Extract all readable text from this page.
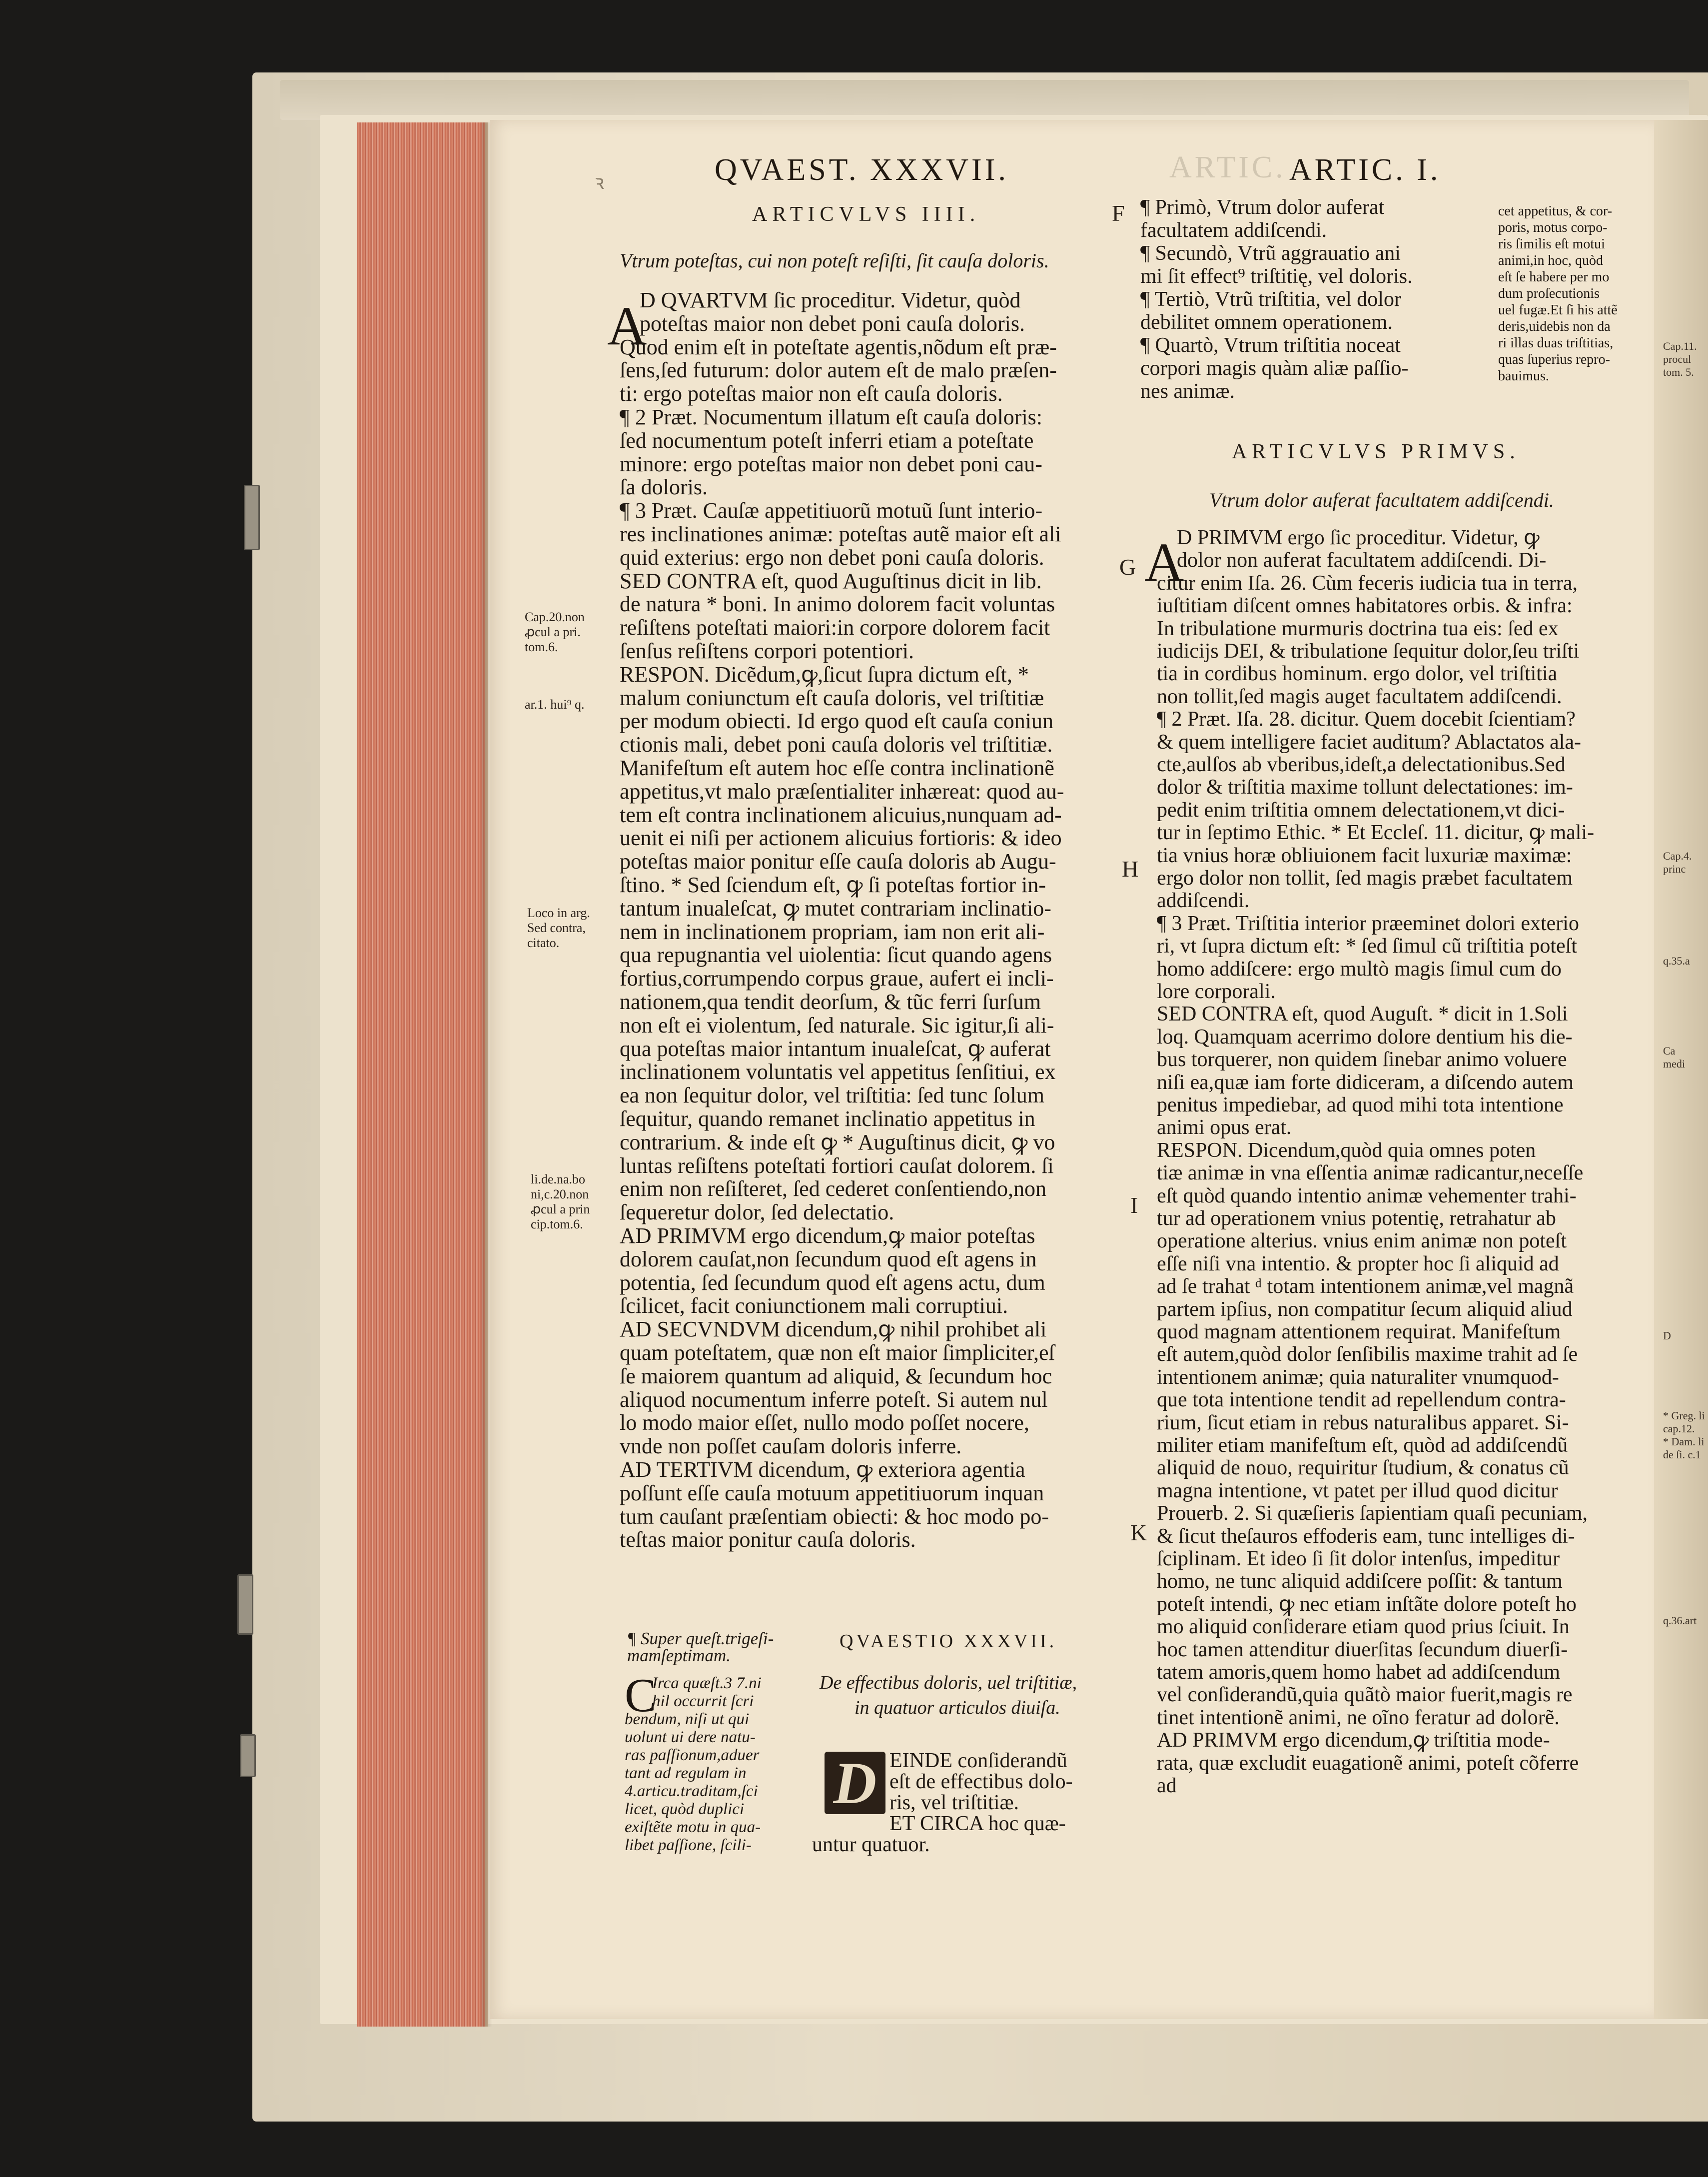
QVAEST. XXXVII.	ARTIC. I.
ARTIC.
ꝛ
ARTICVLVS IIII.
Vtrum poteſtas, cui non poteſt reſiſti, ſit cauſa doloris.
A
D QVARTVM ſic proceditur. Videtur, quòd
poteſtas maior non debet poni cauſa doloris.
Quod enim eſt in poteſtate agentis,nõdum eſt præ-
ſens,ſed futurum: dolor autem eſt de malo præſen-
ti: ergo poteſtas maior non eſt cauſa doloris.
¶ 2 Præt. Nocumentum illatum eſt cauſa doloris:
ſed nocumentum poteſt inferri etiam a poteſtate
minore: ergo poteſtas maior non debet poni cau-
ſa doloris.
¶ 3 Præt. Cauſæ appetitiuorũ motuũ ſunt interio-
res inclinationes animæ: poteſtas autẽ maior eſt ali
quid exterius: ergo non debet poni cauſa doloris.
SED CONTRA eſt, quod Auguſtinus dicit in lib.
de natura * boni. In animo dolorem facit voluntas
reſiſtens poteſtati maiori:in corpore dolorem facit
ſenſus reſiſtens corpori potentiori.
RESPON. Dicẽdum,ꝙ,ſicut ſupra dictum eſt, *
malum coniunctum eſt cauſa doloris, vel triſtitiæ
per modum obiecti. Id ergo quod eſt cauſa coniun
ctionis mali, debet poni cauſa doloris vel triſtitiæ.
Manifeſtum eſt autem hoc eſſe contra inclinationẽ
appetitus,vt malo præſentialiter inhæreat: quod au-
tem eſt contra inclinationem alicuius,nunquam ad-
uenit ei niſi per actionem alicuius fortioris: & ideo
poteſtas maior ponitur eſſe cauſa doloris ab Augu-
ſtino. * Sed ſciendum eſt, ꝙ ſi poteſtas fortior in-
tantum inualeſcat, ꝙ mutet contrariam inclinatio-
nem in inclinationem propriam, iam non erit ali-
qua repugnantia vel uiolentia: ſicut quando agens
fortius,corrumpendo corpus graue, aufert ei incli-
nationem,qua tendit deorſum, & tũc ferri ſurſum
non eſt ei violentum, ſed naturale. Sic igitur,ſi ali-
qua poteſtas maior intantum inualeſcat, ꝙ auferat
inclinationem voluntatis vel appetitus ſenſitiui, ex
ea non ſequitur dolor, vel triſtitia: ſed tunc ſolum
ſequitur, quando remanet inclinatio appetitus in
contrarium. & inde eſt ꝙ * Auguſtinus dicit, ꝙ vo
luntas reſiſtens poteſtati fortiori cauſat dolorem. ſi
enim non reſiſteret, ſed cederet conſentiendo,non
ſequeretur dolor, ſed delectatio.
AD PRIMVM ergo dicendum,ꝙ maior poteſtas
dolorem cauſat,non ſecundum quod eſt agens in
potentia, ſed ſecundum quod eſt agens actu, dum
ſcilicet, facit coniunctionem mali corruptiui.
AD SECVNDVM dicendum,ꝙ nihil prohibet ali
quam poteſtatem, quæ non eſt maior ſimpliciter,eſ
ſe maiorem quantum ad aliquid, & ſecundum hoc
aliquod nocumentum inferre poteſt. Si autem nul
lo modo maior eſſet, nullo modo poſſet nocere,
vnde non poſſet cauſam doloris inferre.
AD TERTIVM dicendum, ꝙ exteriora agentia
poſſunt eſſe cauſa motuum appetitiuorum inquan
tum cauſant præſentiam obiecti: & hoc modo po-
teſtas maior ponitur cauſa doloris.
Cap.20.non
ꝓcul a pri.
tom.6.
ar.1. hui⁹ q.
Loco in arg.
Sed contra,
citato.
li.de.na.bo
ni,c.20.non
ꝓcul a prin
cip.tom.6.
F
G
H
I
K
¶ Super queſt.trigeſi- mamſeptimam.
C
Irca quæſt.3 7.ni
hil occurrit ſcri
bendum, niſi ut qui
uolunt ui dere natu-
ras paſſionum,aduer
tant ad regulam in
4.articu.traditam,ſci
licet, quòd duplici
exiſtẽte motu in qua-
libet paſſione, ſcili-
QVAESTIO XXXVII.
De effectibus doloris, uel triſtitiæ,
in quatuor articulos diuiſa.
D EINDE conſiderandũ
eſt de effectibus dolo-
ris, vel triſtitiæ.
ET CIRCA hoc quæ-
untur quatuor.
¶ Primò, Vtrum dolor auferat
facultatem addiſcendi.
¶ Secundò, Vtrũ aggrauatio ani
mi ſit effect⁹ triſtitię, vel doloris.
¶ Tertiò, Vtrũ triſtitia, vel dolor
debilitet omnem operationem.
¶ Quartò, Vtrum triſtitia noceat
corpori magis quàm aliæ paſſio-
nes animæ.
cet appetitus, & cor-
poris, motus corpo-
ris ſimilis eſt motui
animi,in hoc, quòd
eſt ſe habere per mo
dum proſecutionis
uel fugæ.Et ſi his attẽ
deris,uidebis non da
ri illas duas triſtitias,
quas ſuperius repro-
bauimus.
ARTICVLVS PRIMVS.
Vtrum dolor auferat facultatem addiſcendi.
A
D PRIMVM ergo ſic proceditur. Videtur, ꝙ
dolor non auferat facultatem addiſcendi. Di-
citur enim Iſa. 26. Cùm feceris iudicia tua in terra,
iuſtitiam diſcent omnes habitatores orbis. & infra:
In tribulatione murmuris doctrina tua eis: ſed ex
iudicijs DEI, & tribulatione ſequitur dolor,ſeu triſti
tia in cordibus hominum. ergo dolor, vel triſtitia
non tollit,ſed magis auget facultatem addiſcendi.
¶ 2 Præt. Iſa. 28. dicitur. Quem docebit ſcientiam?
& quem intelligere faciet auditum? Ablactatos ala-
cte,aulſos ab vberibus,ideſt,a delectationibus.Sed
dolor & triſtitia maxime tollunt delectationes: im-
pedit enim triſtitia omnem delectationem,vt dici-
tur in ſeptimo Ethic. * Et Eccleſ. 11. dicitur, ꝙ mali-
tia vnius horæ obliuionem facit luxuriæ maximæ:
ergo dolor non tollit, ſed magis præbet facultatem
addiſcendi.
¶ 3 Præt. Triſtitia interior præeminet dolori exterio
ri, vt ſupra dictum eſt: * ſed ſimul cũ triſtitia poteſt
homo addiſcere: ergo multò magis ſimul cum do
lore corporali.
SED CONTRA eſt, quod Auguſt. * dicit in 1.Soli
loq. Quamquam acerrimo dolore dentium his die-
bus torquerer, non quidem ſinebar animo voluere
niſi ea,quæ iam forte didiceram, a diſcendo autem
penitus impediebar, ad quod mihi tota intentione
animi opus erat.
RESPON. Dicendum,quòd quia omnes poten
tiæ animæ in vna eſſentia animæ radicantur,neceſſe
eſt quòd quando intentio animæ vehementer trahi-
tur ad operationem vnius potentię, retrahatur ab
operatione alterius. vnius enim animæ non poteſt
eſſe niſi vna intentio. & propter hoc ſi aliquid ad
ad ſe trahat ᵈ totam intentionem animæ,vel magnã
partem ipſius, non compatitur ſecum aliquid aliud
quod magnam attentionem requirat. Manifeſtum
eſt autem,quòd dolor ſenſibilis maxime trahit ad ſe
intentionem animæ; quia naturaliter vnumquod-
que tota intentione tendit ad repellendum contra-
rium, ſicut etiam in rebus naturalibus apparet. Si-
militer etiam manifeſtum eſt, quòd ad addiſcendũ
aliquid de nouo, requiritur ſtudium, & conatus cũ
magna intentione, vt patet per illud quod dicitur
Prouerb. 2. Si quæſieris ſapientiam quaſi pecuniam,
& ſicut theſauros effoderis eam, tunc intelliges di-
ſciplinam. Et ideo ſi ſit dolor intenſus, impeditur
homo, ne tunc aliquid addiſcere poſſit: & tantum
poteſt intendi, ꝙ nec etiam inſtãte dolore poteſt ho
mo aliquid conſiderare etiam quod prius ſciuit. In
hoc tamen attenditur diuerſitas ſecundum diuerſi-
tatem amoris,quem homo habet ad addiſcendum
vel conſiderandũ,quia quãtò maior fuerit,magis re
tinet intentionẽ animi, ne oĩno feratur ad dolorẽ.
AD PRIMVM ergo dicendum,ꝙ triſtitia mode-
rata, quæ excludit euagationẽ animi, poteſt cõferre
ad
Cap.11.
procul
tom. 5.
Cap.4.
princ
q.35.a
Ca
medi
D
* Greg. li
cap.12.
* Dam. li
de ſi. c.1
q.36.art
